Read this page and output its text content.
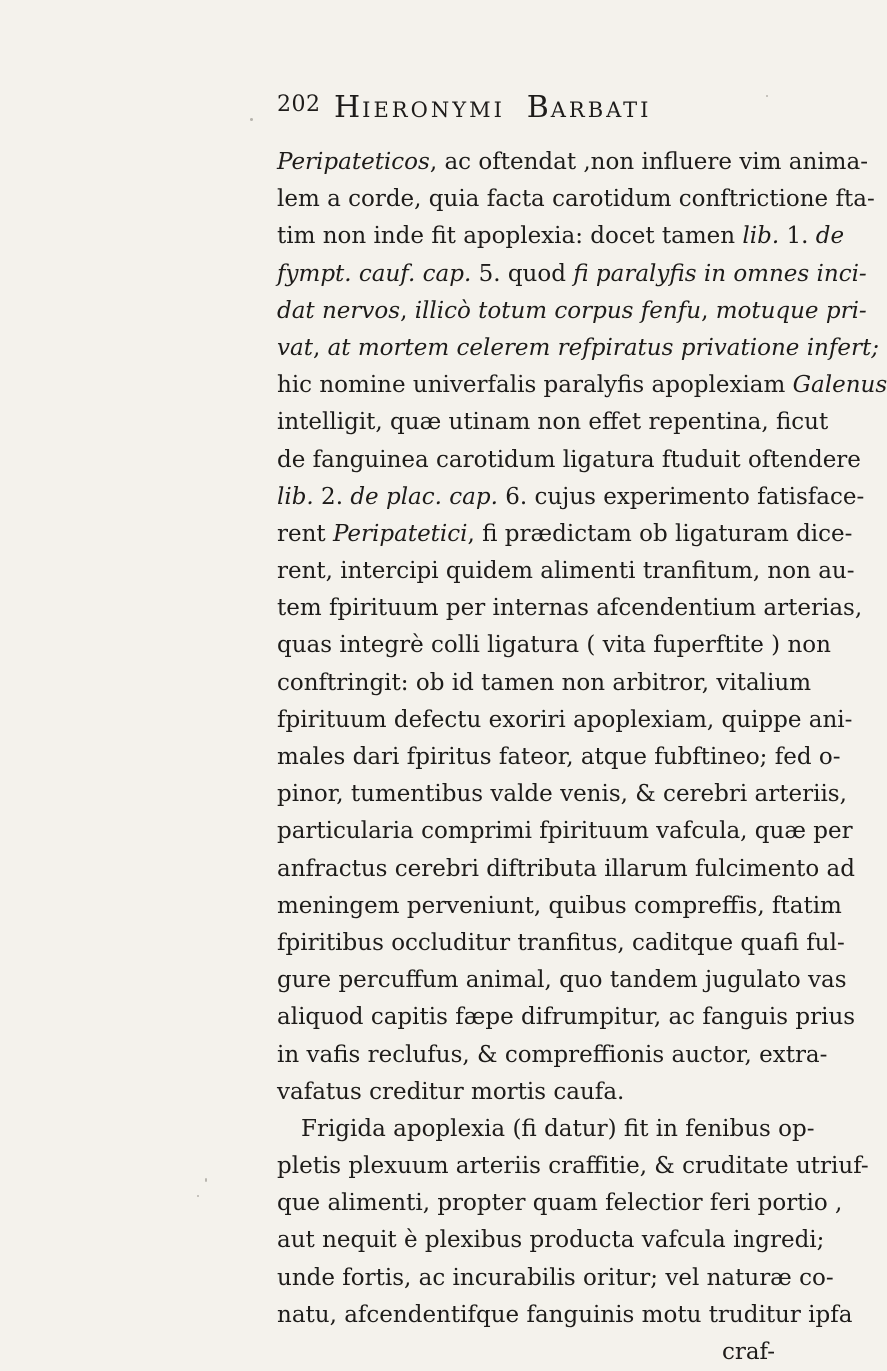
202 HIERONYMI BARBATI
Peripateticos, ac oftendat ,non influere vim anima-
lem a corde, quia facta carotidum conftrictione fta-
tim non inde fit apoplexia: docet tamen lib. 1. de
fympt. cauf. cap. 5. quod fi paralyfis in omnes inci-
dat nervos, illicò totum corpus fenfu, motuque pri-
vat, at mortem celerem refpiratus privatione infert;
hic nomine univerfalis paralyfis apoplexiam Galenus
intelligit, quæ utinam non effet repentina, ficut
de fanguinea carotidum ligatura ftuduit oftendere
lib. 2. de plac. cap. 6. cujus experimento fatisface-
rent Peripatetici, fi prædictam ob ligaturam dice-
rent, intercipi quidem alimenti tranfitum, non au-
tem fpirituum per internas afcendentium arterias,
quas integrè colli ligatura ( vita fuperftite ) non
conftringit: ob id tamen non arbitror, vitalium
fpirituum defectu exoriri apoplexiam, quippe ani-
males dari fpiritus fateor, atque fubftineo; fed o-
pinor, tumentibus valde venis, & cerebri arteriis,
particularia comprimi fpirituum vafcula, quæ per
anfractus cerebri diftributa illarum fulcimento ad
meningem perveniunt, quibus compreffis, ftatim
fpiritibus occluditur tranfitus, caditque quafi ful-
gure percuffum animal, quo tandem jugulato vas
aliquod capitis fæpe difrumpitur, ac fanguis prius
in vafis reclufus, & compreffionis auctor, extra-
vafatus creditur mortis caufa.
Frigida apoplexia (fi datur) fit in fenibus op-
pletis plexuum arteriis craffitie, & cruditate utriuf-
que alimenti, propter quam felectior feri portio ,
aut nequit è plexibus producta vafcula ingredi;
unde fortis, ac incurabilis oritur; vel naturæ co-
natu, afcendentifque fanguinis motu truditur ipfa
craf-
